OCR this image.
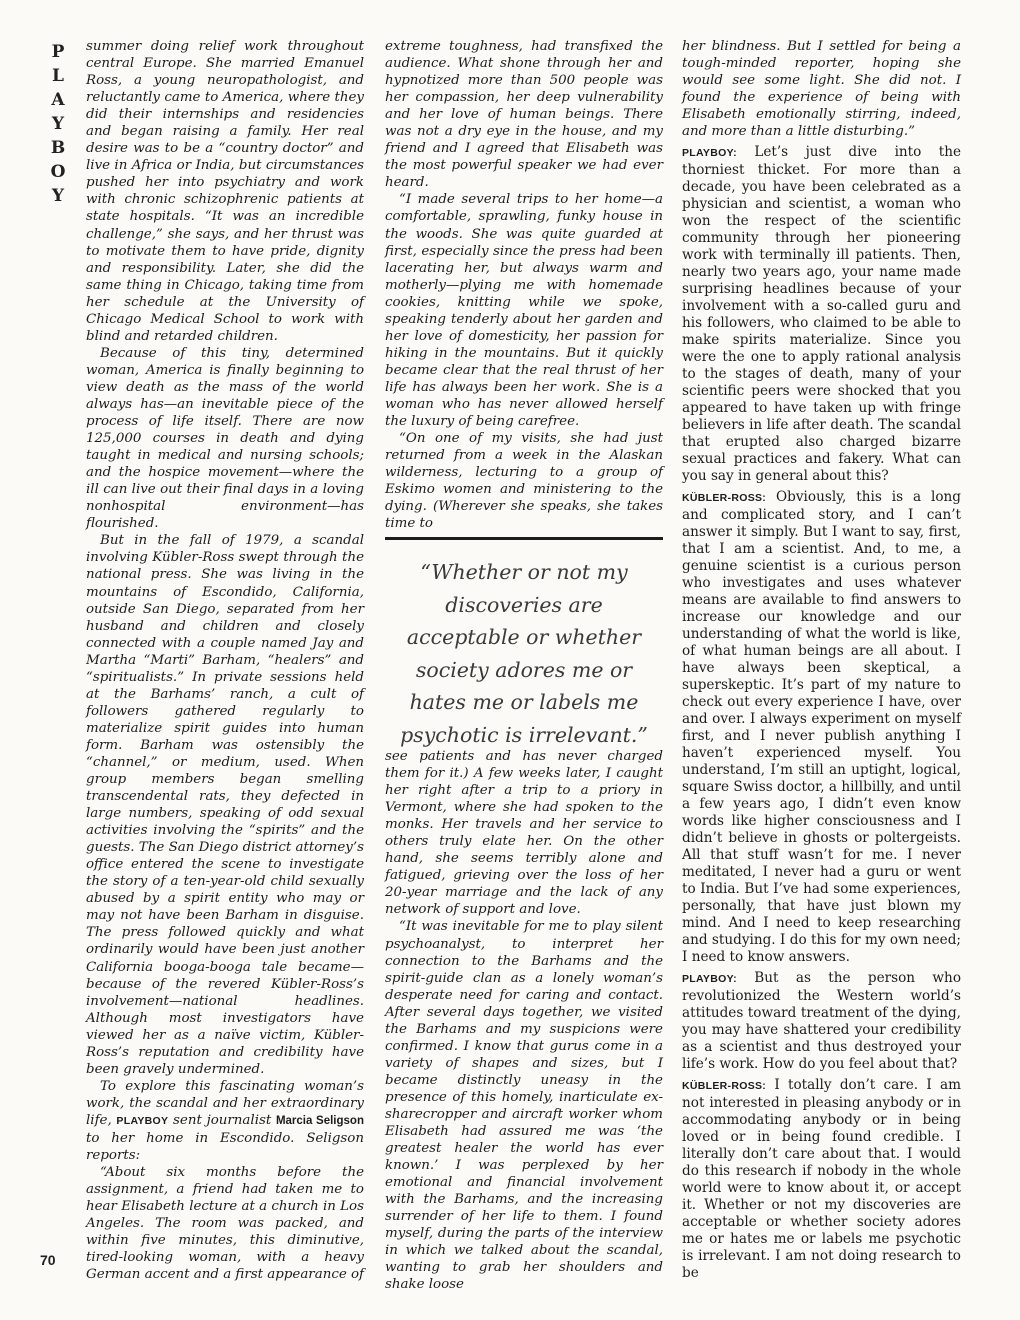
PLAYBOY
70

summer doing relief work throughout central Europe. She married Emanuel Ross, a young neuropathologist, and reluctantly came to America, where they did their internships and residencies and began raising a family. Her real desire was to be a “country doctor” and live in Africa or India, but circumstances pushed her into psychiatry and work with chronic schizophrenic patients at state hospitals. “It was an incredible challenge,” she says, and her thrust was to motivate them to have pride, dignity and responsibility. Later, she did the same thing in Chicago, taking time from her schedule at the University of Chicago Medical School to work with blind and retarded children.

Because of this tiny, determined woman, America is finally beginning to view death as the mass of the world always has—an inevitable piece of the process of life itself. There are now 125,000 courses in death and dying taught in medical and nursing schools; and the hospice movement—where the ill can live out their final days in a loving nonhospital environment—has flourished.

But in the fall of 1979, a scandal involving Kübler-Ross swept through the national press. She was living in the mountains of Escondido, California, outside San Diego, separated from her husband and children and closely connected with a couple named Jay and Martha “Marti” Barham, “healers” and “spiritualists.” In private sessions held at the Barhams’ ranch, a cult of followers gathered regularly to materialize spirit guides into human form. Barham was ostensibly the “channel,” or medium, used. When group members began smelling transcendental rats, they defected in large numbers, speaking of odd sexual activities involving the “spirits” and the guests. The San Diego district attorney’s office entered the scene to investigate the story of a ten-year-old child sexually abused by a spirit entity who may or may not have been Barham in disguise. The press followed quickly and what ordinarily would have been just another California booga-booga tale became—because of the revered Kübler-Ross’s involvement—national headlines. Although most investigators have viewed her as a naïve victim, Kübler-Ross’s reputation and credibility have been gravely undermined.

To explore this fascinating woman’s work, the scandal and her extraordinary life, PLAYBOY sent journalist Marcia Seligson to her home in Escondido. Seligson reports:

“About six months before the assignment, a friend had taken me to hear Elisabeth lecture at a church in Los Angeles. The room was packed, and within five minutes, this diminutive, tired-looking woman, with a heavy German accent and a first appearance of

extreme toughness, had transfixed the audience. What shone through her and hypnotized more than 500 people was her compassion, her deep vulnerability and her love of human beings. There was not a dry eye in the house, and my friend and I agreed that Elisabeth was the most powerful speaker we had ever heard.

“I made several trips to her home—a comfortable, sprawling, funky house in the woods. She was quite guarded at first, especially since the press had been lacerating her, but always warm and motherly—plying me with homemade cookies, knitting while we spoke, speaking tenderly about her garden and her love of domesticity, her passion for hiking in the mountains. But it quickly became clear that the real thrust of her life has always been her work. She is a woman who has never allowed herself the luxury of being carefree.

“On one of my visits, she had just returned from a week in the Alaskan wilderness, lecturing to a group of Eskimo women and ministering to the dying. (Wherever she speaks, she takes time to

“Whether or not my discoveries are acceptable or whether society adores me or hates me or labels me psychotic is irrelevant.”

see patients and has never charged them for it.) A few weeks later, I caught her right after a trip to a priory in Vermont, where she had spoken to the monks. Her travels and her service to others truly elate her. On the other hand, she seems terribly alone and fatigued, grieving over the loss of her 20-year marriage and the lack of any network of support and love.

“It was inevitable for me to play silent psychoanalyst, to interpret her connection to the Barhams and the spirit-guide clan as a lonely woman’s desperate need for caring and contact. After several days together, we visited the Barhams and my suspicions were confirmed. I know that gurus come in a variety of shapes and sizes, but I became distinctly uneasy in the presence of this homely, inarticulate ex-sharecropper and aircraft worker whom Elisabeth had assured me was ‘the greatest healer the world has ever known.’ I was perplexed by her emotional and financial involvement with the Barhams, and the increasing surrender of her life to them. I found myself, during the parts of the interview in which we talked about the scandal, wanting to grab her shoulders and shake loose

her blindness. But I settled for being a tough-minded reporter, hoping she would see some light. She did not. I found the experience of being with Elisabeth emotionally stirring, indeed, and more than a little disturbing.”

PLAYBOY: Let’s just dive into the thorniest thicket. For more than a decade, you have been celebrated as a physician and scientist, a woman who won the respect of the scientific community through her pioneering work with terminally ill patients. Then, nearly two years ago, your name made surprising headlines because of your involvement with a so-called guru and his followers, who claimed to be able to make spirits materialize. Since you were the one to apply rational analysis to the stages of death, many of your scientific peers were shocked that you appeared to have taken up with fringe believers in life after death. The scandal that erupted also charged bizarre sexual practices and fakery. What can you say in general about this?

KÜBLER-ROSS: Obviously, this is a long and complicated story, and I can’t answer it simply. But I want to say, first, that I am a scientist. And, to me, a genuine scientist is a curious person who investigates and uses whatever means are available to find answers to increase our knowledge and our understanding of what the world is like, of what human beings are all about. I have always been skeptical, a superskeptic. It’s part of my nature to check out every experience I have, over and over. I always experiment on myself first, and I never publish anything I haven’t experienced myself. You understand, I’m still an uptight, logical, square Swiss doctor, a hillbilly, and until a few years ago, I didn’t even know words like higher consciousness and I didn’t believe in ghosts or poltergeists. All that stuff wasn’t for me. I never meditated, I never had a guru or went to India. But I’ve had some experiences, personally, that have just blown my mind. And I need to keep researching and studying. I do this for my own need; I need to know answers.

PLAYBOY: But as the person who revolutionized the Western world’s attitudes toward treatment of the dying, you may have shattered your credibility as a scientist and thus destroyed your life’s work. How do you feel about that?

KÜBLER-ROSS: I totally don’t care. I am not interested in pleasing anybody or in accommodating anybody or in being loved or in being found credible. I literally don’t care about that. I would do this research if nobody in the whole world were to know about it, or accept it. Whether or not my discoveries are acceptable or whether society adores me or hates me or labels me psychotic is irrelevant. I am not doing research to be
